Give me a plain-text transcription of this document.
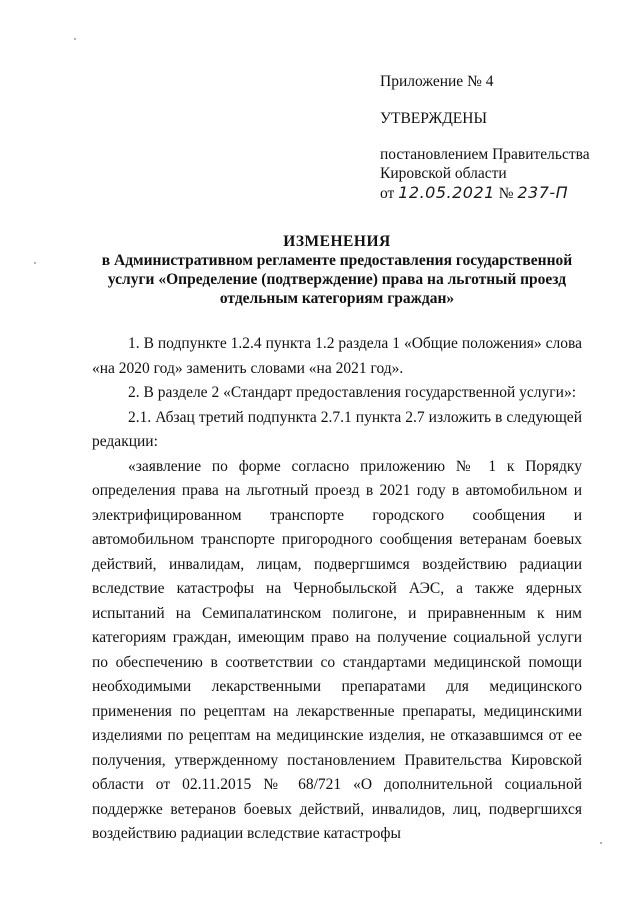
Приложение № 4
УТВЕРЖДЕНЫ
постановлением Правительства
Кировской области
от 12.05.2021 № 237-П
ИЗМЕНЕНИЯ
в Административном регламенте предоставления государственной
услуги «Определение (подтверждение) права на льготный проезд
отдельным категориям граждан»

1. В подпункте 1.2.4 пункта 1.2 раздела 1 «Общие положения» слова «на 2020 год» заменить словами «на 2021 год».

2. В разделе 2 «Стандарт предоставления государственной услуги»:

2.1. Абзац третий подпункта 2.7.1 пункта 2.7 изложить в следующей редакции:

«заявление по форме согласно приложению № 1 к Порядку определения права на льготный проезд в 2021 году в автомобильном и электрифицированном транспорте городского сообщения и автомобильном транспорте пригородного сообщения ветеранам боевых действий, инвалидам, лицам, подвергшимся воздействию радиации вследствие катастрофы на Чернобыльской АЭС, а также ядерных испытаний на Семипалатинском полигоне, и приравненным к ним категориям граждан, имеющим право на получение социальной услуги по обеспечению в соответствии со стандартами медицинской помощи необходимыми лекарственными препаратами для медицинского применения по рецептам на лекарственные препараты, медицинскими изделиями по рецептам на медицинские изделия, не отказавшимся от ее получения, утвержденному постановлением Правительства Кировской области от 02.11.2015 № 68/721 «О дополнительной социальной поддержке ветеранов боевых действий, инвалидов, лиц, подвергшихся воздействию радиации вследствие катастрофы
